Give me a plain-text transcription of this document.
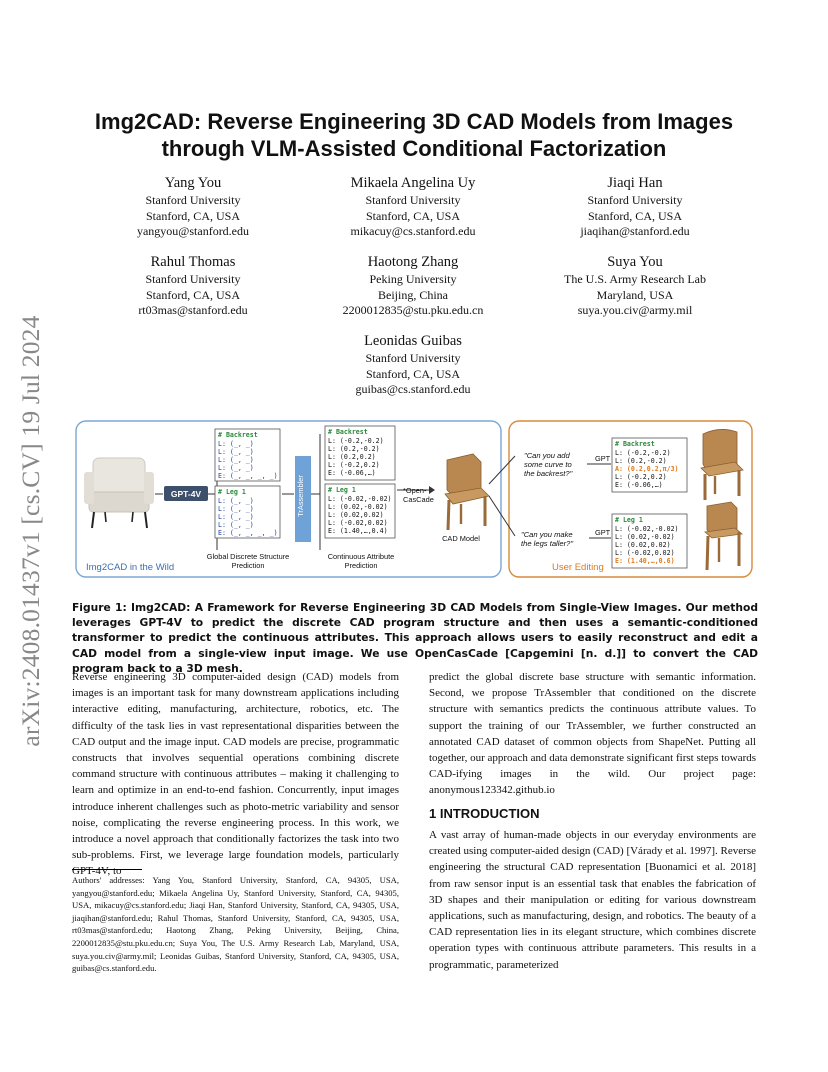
arXiv:2408.01437v1 [cs.CV] 19 Jul 2024
Img2CAD: Reverse Engineering 3D CAD Models from Images through VLM-Assisted Conditional Factorization
Yang You
Stanford University
Stanford, CA, USA
yangyou@stanford.edu
Mikaela Angelina Uy
Stanford University
Stanford, CA, USA
mikacuy@cs.stanford.edu
Jiaqi Han
Stanford University
Stanford, CA, USA
jiaqihan@stanford.edu
Rahul Thomas
Stanford University
Stanford, CA, USA
rt03mas@stanford.edu
Haotong Zhang
Peking University
Beijing, China
2200012835@stu.pku.edu.cn
Suya You
The U.S. Army Research Lab
Maryland, USA
suya.you.civ@army.mil
Leonidas Guibas
Stanford University
Stanford, CA, USA
guibas@cs.stanford.edu
Img2CAD in the Wild	User Editing
GPT-4V
# Backrest
L: (_, _)
L: (_, _)
L: (_, _)
L: (_, _)
E: (_, _, _, _)
# Leg 1
L: (_, _)
L: (_, _)
L: (_, _)
L: (_, _)
E: (_, _, _, _)
Global Discrete Structure
Prediction
TrAssembler
# Backrest
L: (-0.2,-0.2)
L: (0.2,-0.2)
L: (0.2,0.2)
L: (-0.2,0.2)
E: (-0.06,…)
# Leg 1
L: (-0.02,-0.02)
L: (0.02,-0.02)
L: (0.02,0.02)
L: (-0.02,0.02)
E: (1.40,…,0.4)
Continuous Attribute
Prediction
*Open-
CasCade
CAD Model
"Can you add
some curve to
the backrest?"
"Can you make
the legs taller?"
GPT
GPT
# Backrest
L: (-0.2,-0.2)
L: (0.2,-0.2)
A: (0.2,0.2,π/3)
L: (-0.2,0.2)
E: (-0.06,…)
# Leg 1
L: (-0.02,-0.02)
L: (0.02,-0.02)
L: (0.02,0.02)
L: (-0.02,0.02)
E: (1.40,…,0.6)
Figure 1: Img2CAD: A Framework for Reverse Engineering 3D CAD Models from Single-View Images. Our method leverages GPT-4V to predict the discrete CAD program structure and then uses a semantic-conditioned transformer to predict the continuous attributes. This approach allows users to easily reconstruct and edit a CAD model from a single-view input image. We use OpenCasCade [Capgemini [n. d.]] to convert the CAD program back to a 3D mesh.

Reverse engineering 3D computer-aided design (CAD) models from images is an important task for many downstream applications including interactive editing, manufacturing, architecture, robotics, etc. The difficulty of the task lies in vast representational disparities between the CAD output and the image input. CAD models are precise, programmatic constructs that involves sequential operations combining discrete command structure with continuous attributes – making it challenging to learn and optimize in an end-to-end fashion. Concurrently, input images introduce inherent challenges such as photo-metric variability and sensor noise, complicating the reverse engineering process. In this work, we introduce a novel approach that conditionally factorizes the task into two sub-problems. First, we leverage large foundation models, particularly GPT-4V, to

predict the global discrete base structure with semantic information. Second, we propose TrAssembler that conditioned on the discrete structure with semantics predicts the continuous attribute values. To support the training of our TrAssembler, we further constructed an annotated CAD dataset of common objects from ShapeNet. Putting all together, our approach and data demonstrate significant first steps towards CAD-ifying images in the wild. Our project page: anonymous123342.github.io

1 INTRODUCTION

A vast array of human-made objects in our everyday environments are created using computer-aided design (CAD) [Várady et al. 1997]. Reverse engineering the structural CAD representation [Buonamici et al. 2018] from raw sensor input is an essential task that enables the fabrication of 3D shapes and their manipulation or editing for various downstream applications, such as manufacturing, design, and robotics. The beauty of a CAD representation lies in its elegant structure, which combines discrete operation types with continuous attribute parameters. This results in a programmatic, parameterized

Authors' addresses: Yang You, Stanford University, Stanford, CA, 94305, USA, yangyou@stanford.edu; Mikaela Angelina Uy, Stanford University, Stanford, CA, 94305, USA, mikacuy@cs.stanford.edu; Jiaqi Han, Stanford University, Stanford, CA, 94305, USA, jiaqihan@stanford.edu; Rahul Thomas, Stanford University, Stanford, CA, 94305, USA, rt03mas@stanford.edu; Haotong Zhang, Peking University, Beijing, China, 2200012835@stu.pku.edu.cn; Suya You, The U.S. Army Research Lab, Maryland, USA, suya.you.civ@army.mil; Leonidas Guibas, Stanford University, Stanford, CA, 94305, USA, guibas@cs.stanford.edu.
